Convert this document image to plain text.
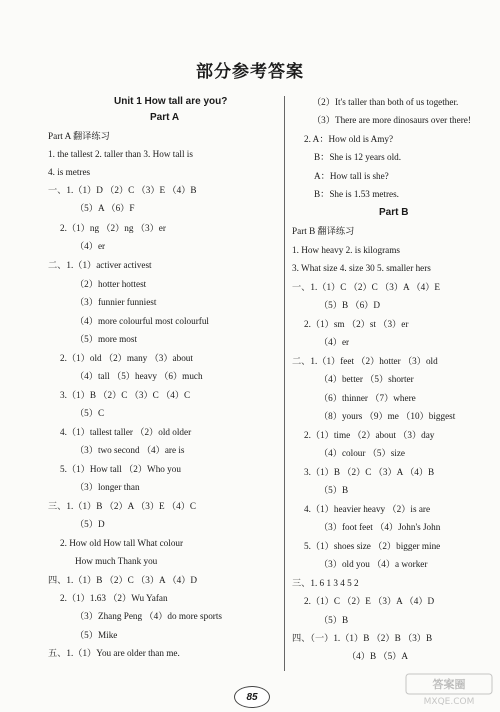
部分参考答案
Unit 1 How tall are you?
Part A
Part A 翻译练习
1. the tallest 2. taller than 3. How tall is
4. is metres
一、1.（1）D （2）C （3）E （4）B
（5）A （6）F
2.（1）ng （2）ng （3）er
（4）er
二、1.（1）activer activest
（2）hotter hottest
（3）funnier funniest
（4）more colourful most colourful
（5）more most
2.（1）old （2）many （3）about
（4）tall （5）heavy （6）much
3.（1）B （2）C （3）C （4）C
（5）C
4.（1）tallest taller （2）old older
（3）two second （4）are is
5.（1）How tall （2）Who you
（3）longer than
三、1.（1）B （2）A （3）E （4）C
（5）D
2. How old How tall What colour
How much Thank you
四、1.（1）B （2）C （3）A （4）D
2.（1）1.63 （2）Wu Yafan
（3）Zhang Peng （4）do more sports
（5）Mike
五、1.（1）You are older than me.
（2）It's taller than both of us together.
（3）There are more dinosaurs over there!
2. A：How old is Amy?
B：She is 12 years old.
A：How tall is she?
B：She is 1.53 metres.
Part B
Part B 翻译练习
1. How heavy 2. is kilograms
3. What size 4. size 30 5. smaller hers
一、1.（1）C （2）C （3）A （4）E
（5）B （6）D
2.（1）sm （2）st （3）er
（4）er
二、1.（1）feet （2）hotter （3）old
（4）better （5）shorter
（6）thinner （7）where
（8）yours （9）me （10）biggest
2.（1）time （2）about （3）day
（4）colour （5）size
3.（1）B （2）C （3）A （4）B
（5）B
4.（1）heavier heavy （2）is are
（3）foot feet （4）John's John
5.（1）shoes size （2）bigger mine
（3）old you （4）a worker
三、1. 6 1 3 4 5 2
2.（1）C （2）E （3）A （4）D
（5）B
四、（一）1.（1）B （2）B （3）B
（4）B （5）A
85
答案圈
MXQE.COM
